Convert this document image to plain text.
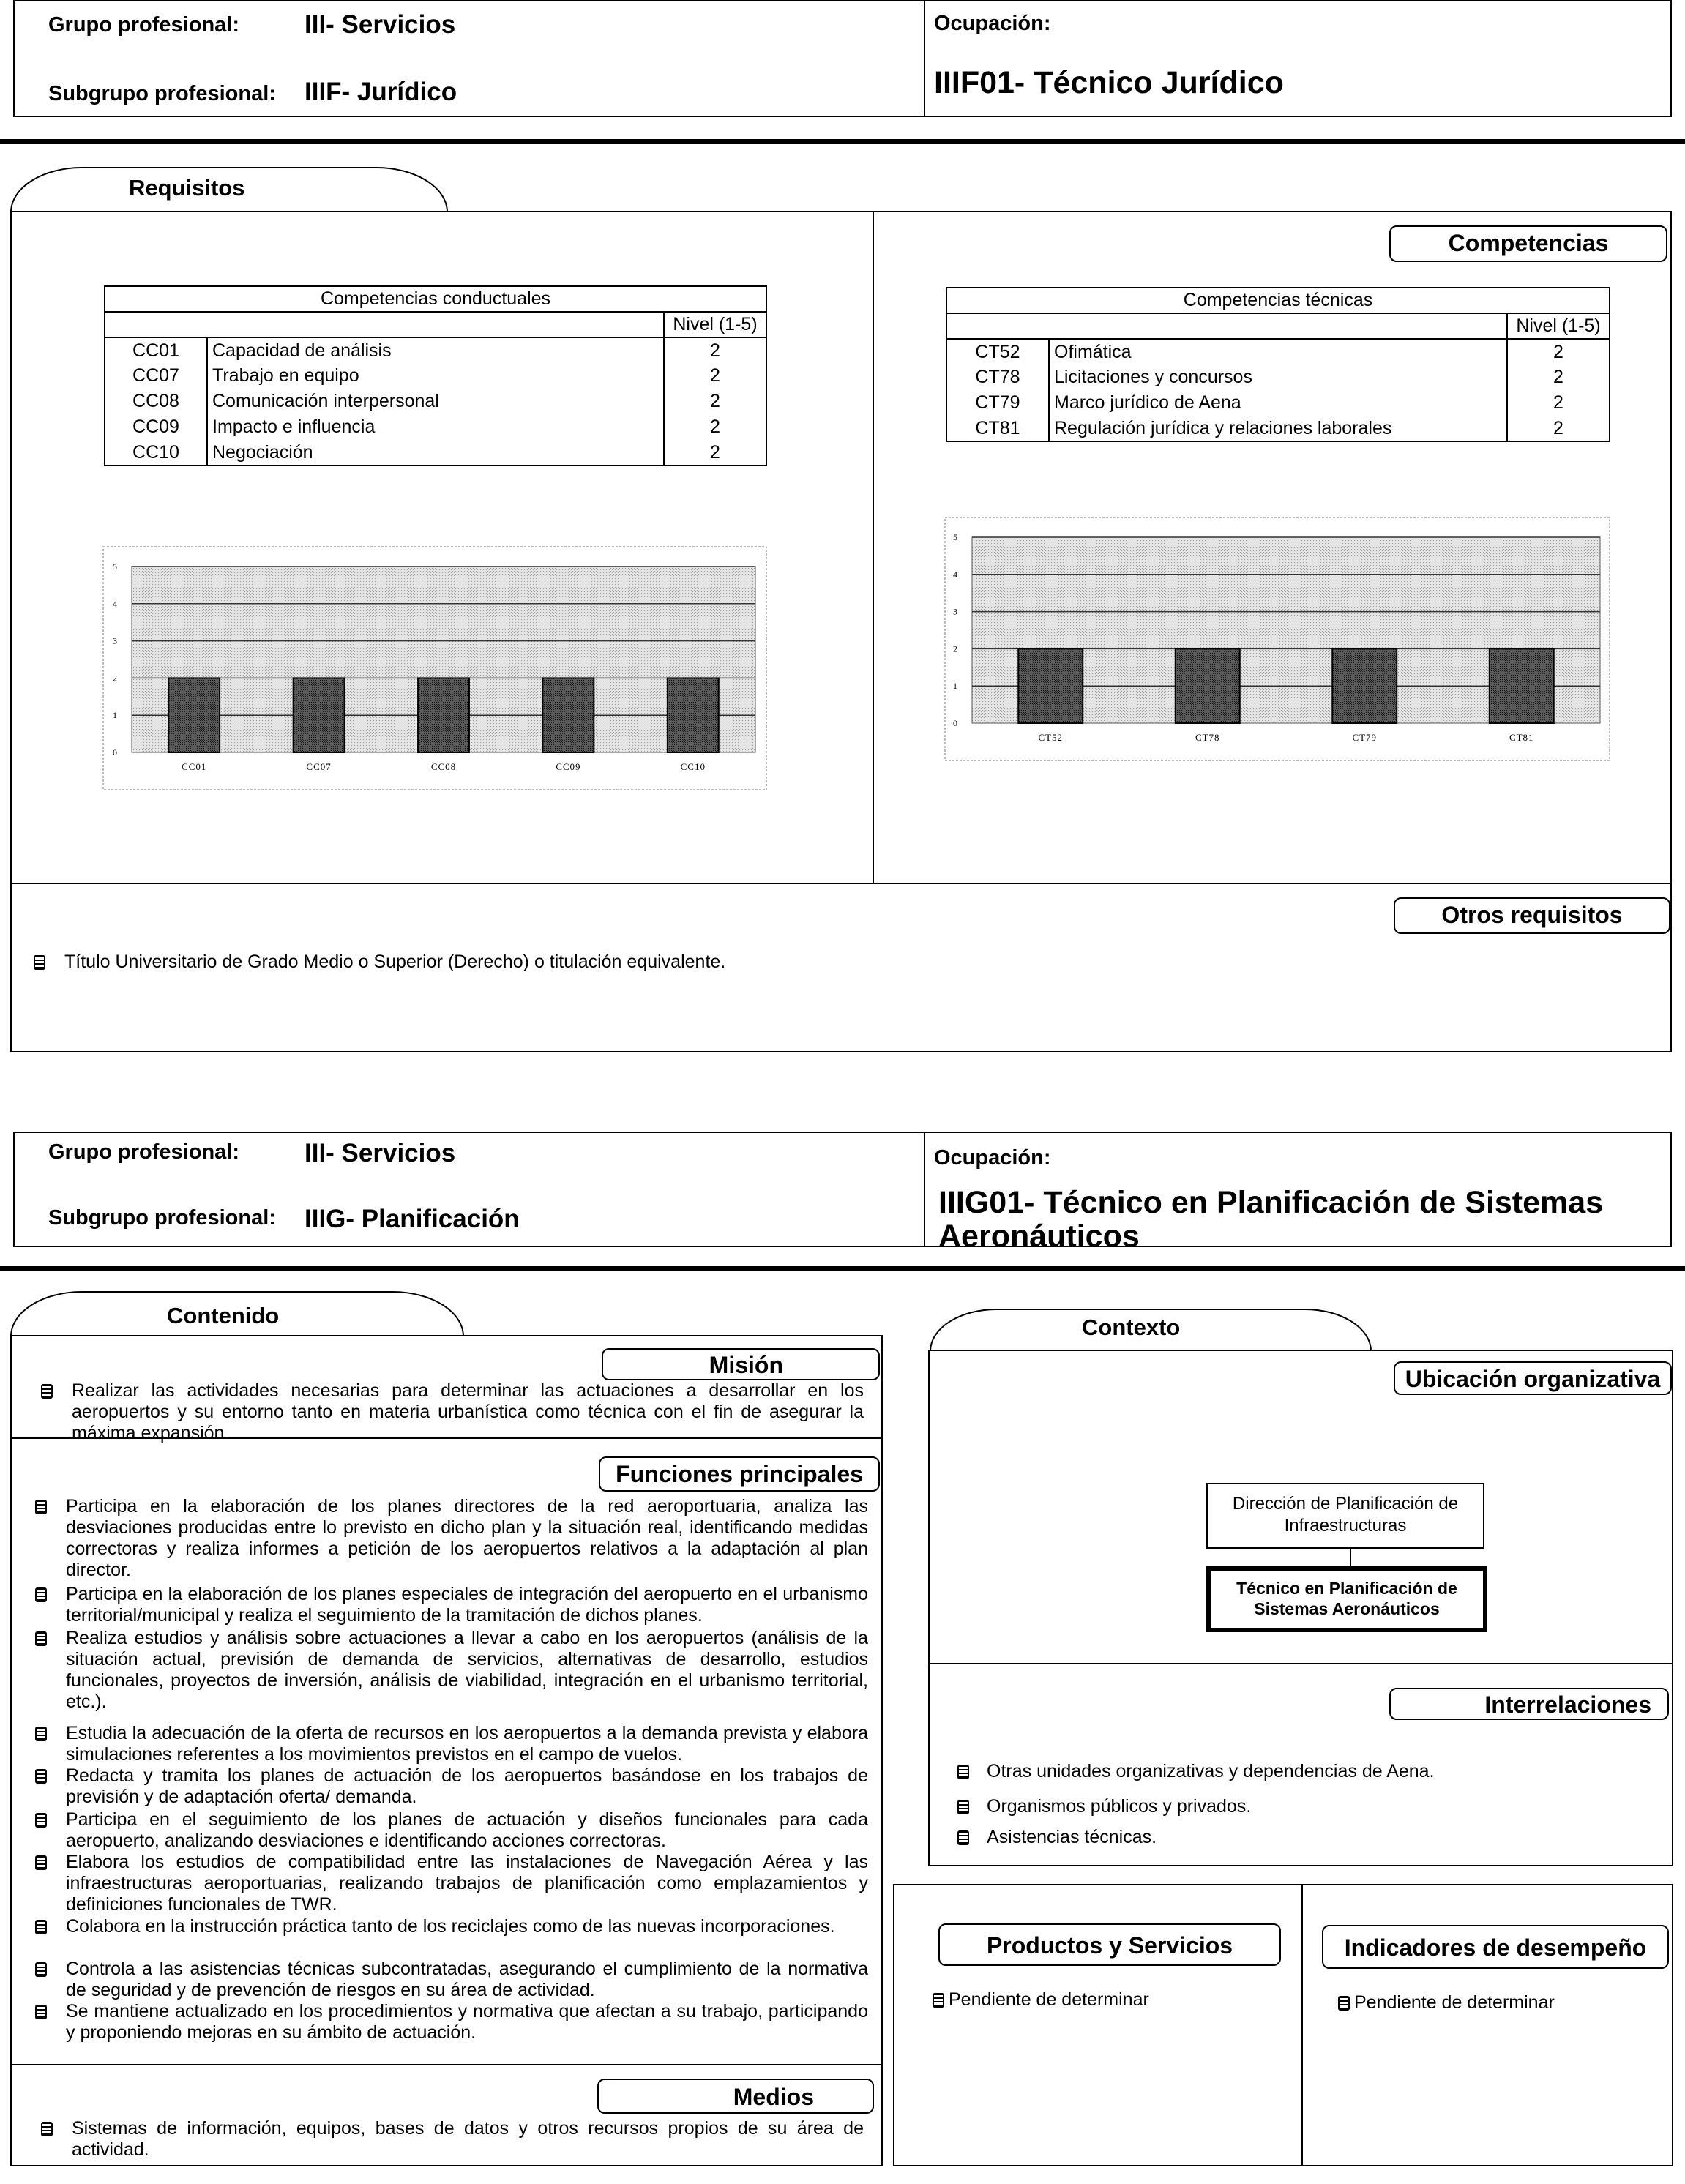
Grupo profesional:	III- Servicios
Subgrupo profesional: IIIF- Jurídico
Ocupación:
IIIF01- Técnico Jurídico
Requisitos
Competencias
Competencias conductuales		
		Nivel (1-5)
CC01	Capacidad de análisis	2
CC07	Trabajo en equipo	2
CC08	Comunicación interpersonal	2
CC09	Impacto e influencia	2
CC10	Negociación	2
Competencias técnicas		
		Nivel (1-5)
CT52	Ofimática	2
CT78	Licitaciones y concursos	2
CT79	Marco jurídico de Aena	2
CT81	Regulación jurídica y relaciones laborales	2
0
1
2
3
4
5
CC01	CC07	CC08	CC09	CC10
0
1
2
3
4
5
CT52	CT78	CT79	CT81
Otros requisitos
Título Universitario de Grado Medio o Superior (Derecho) o titulación equivalente.
Grupo profesional:	III- Servicios
Subgrupo profesional: IIIG- Planificación
Ocupación:
IIIG01- Técnico en Planificación de Sistemas
Aeronáuticos
Contenido
Misión
Realizar las actividades necesarias para determinar las actuaciones a desarrollar en los aeropuertos y su entorno tanto en materia urbanística como técnica con el fin de asegurar la máxima expansión.
Funciones principales
Participa en la elaboración de los planes directores de la red aeroportuaria, analiza las desviaciones producidas entre lo previsto en dicho plan y la situación real, identificando medidas correctoras y realiza informes a petición de los aeropuertos relativos a la adaptación al plan director.
Participa en la elaboración de los planes especiales de integración del aeropuerto en el urbanismo territorial/municipal y realiza el seguimiento de la tramitación de dichos planes.
Realiza estudios y análisis sobre actuaciones a llevar a cabo en los aeropuertos (análisis de la situación actual, previsión de demanda de servicios, alternativas de desarrollo, estudios funcionales, proyectos de inversión, análisis de viabilidad, integración en el urbanismo territorial, etc.).
Estudia la adecuación de la oferta de recursos en los aeropuertos a la demanda prevista y elabora simulaciones referentes a los movimientos previstos en el campo de vuelos.
Redacta y tramita los planes de actuación de los aeropuertos basándose en los trabajos de previsión y de adaptación oferta/ demanda.
Participa en el seguimiento de los planes de actuación y diseños funcionales para cada aeropuerto, analizando desviaciones e identificando acciones correctoras.
Elabora los estudios de compatibilidad entre las instalaciones de Navegación Aérea y las infraestructuras aeroportuarias, realizando trabajos de planificación como emplazamientos y definiciones funcionales de TWR.
Colabora en la instrucción práctica tanto de los reciclajes como de las nuevas incorporaciones.
Controla a las asistencias técnicas subcontratadas, asegurando el cumplimiento de la normativa de seguridad y de prevención de riesgos en su área de actividad.
Se mantiene actualizado en los procedimientos y normativa que afectan a su trabajo, participando y proponiendo mejoras en su ámbito de actuación.
Medios
Sistemas de información, equipos, bases de datos y otros recursos propios de su área de actividad.
Contexto
Ubicación organizativa
Dirección de Planificación de Infraestructuras
Técnico en Planificación de Sistemas Aeronáuticos
Interrelaciones
Otras unidades organizativas y dependencias de Aena.
Organismos públicos y privados.
Asistencias técnicas.
Productos y Servicios
Pendiente de determinar
Indicadores de desempeño
Pendiente de determinar
